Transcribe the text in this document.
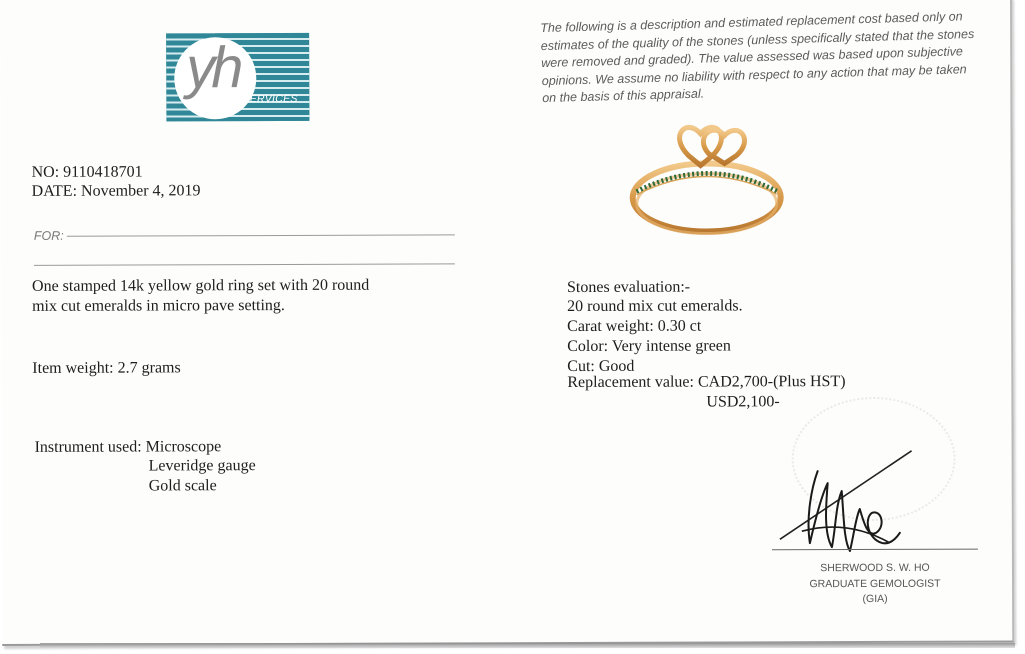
yh
GEM SERVICES
The following is a description and estimated replacement cost based only on estimates of the quality of the stones (unless specifically stated that the stones were removed and graded). The value assessed was based upon subjective opinions. We assume no liability with respect to any action that may be taken on the basis of this appraisal.
NO: 9110418701
DATE: November 4, 2019
FOR:
One stamped 14k yellow gold ring set with 20 round
mix cut emeralds in micro pave setting.
Item weight: 2.7 grams
Instrument used: Microscope
Leveridge gauge
Gold scale
Stones evaluation:-
20 round mix cut emeralds.
Carat weight: 0.30 ct
Color: Very intense green
Cut: Good
Replacement value: CAD2,700-(Plus HST)
USD2,100-
SHERWOOD S. W. HO
GRADUATE GEMOLOGIST
(GIA)
